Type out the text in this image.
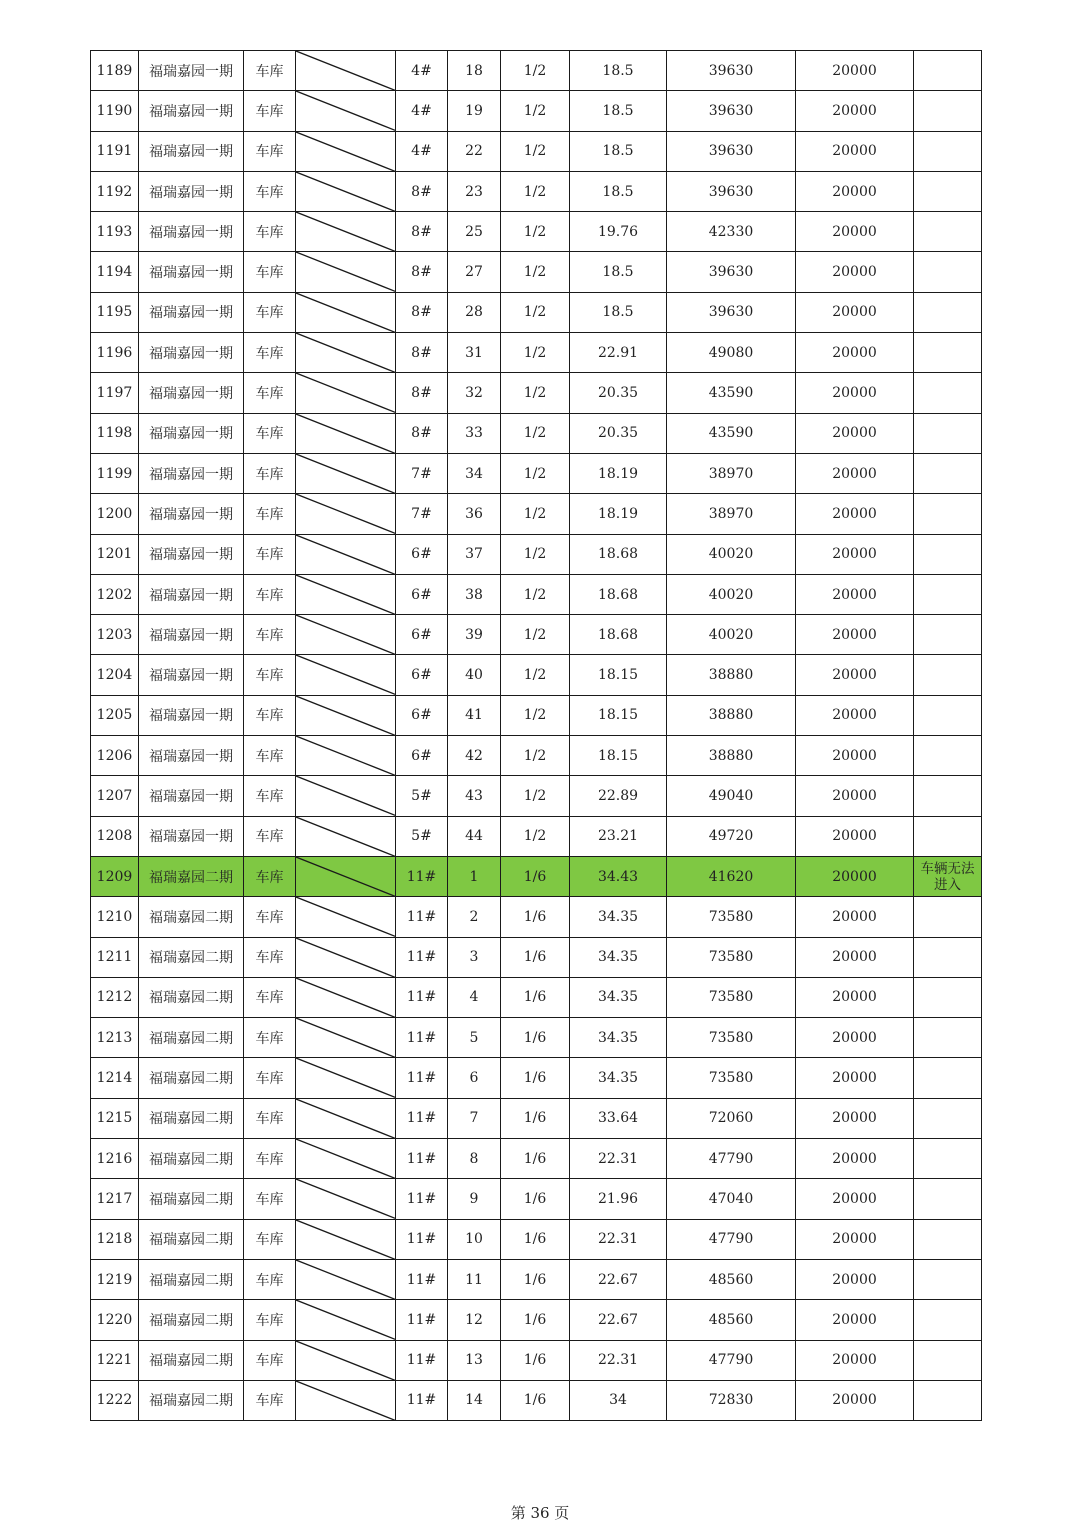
1189	福瑞嘉园一期	车库		4#	18	1/2	18.5	39630	20000	
1190	福瑞嘉园一期	车库		4#	19	1/2	18.5	39630	20000	
1191	福瑞嘉园一期	车库		4#	22	1/2	18.5	39630	20000	
1192	福瑞嘉园一期	车库		8#	23	1/2	18.5	39630	20000	
1193	福瑞嘉园一期	车库		8#	25	1/2	19.76	42330	20000	
1194	福瑞嘉园一期	车库		8#	27	1/2	18.5	39630	20000	
1195	福瑞嘉园一期	车库		8#	28	1/2	18.5	39630	20000	
1196	福瑞嘉园一期	车库		8#	31	1/2	22.91	49080	20000	
1197	福瑞嘉园一期	车库		8#	32	1/2	20.35	43590	20000	
1198	福瑞嘉园一期	车库		8#	33	1/2	20.35	43590	20000	
1199	福瑞嘉园一期	车库		7#	34	1/2	18.19	38970	20000	
1200	福瑞嘉园一期	车库		7#	36	1/2	18.19	38970	20000	
1201	福瑞嘉园一期	车库		6#	37	1/2	18.68	40020	20000	
1202	福瑞嘉园一期	车库		6#	38	1/2	18.68	40020	20000	
1203	福瑞嘉园一期	车库		6#	39	1/2	18.68	40020	20000	
1204	福瑞嘉园一期	车库		6#	40	1/2	18.15	38880	20000	
1205	福瑞嘉园一期	车库		6#	41	1/2	18.15	38880	20000	
1206	福瑞嘉园一期	车库		6#	42	1/2	18.15	38880	20000	
1207	福瑞嘉园一期	车库		5#	43	1/2	22.89	49040	20000	
1208	福瑞嘉园一期	车库		5#	44	1/2	23.21	49720	20000	
1209	福瑞嘉园二期	车库		11#	1	1/6	34.43	41620	20000	车辆无法进入
1210	福瑞嘉园二期	车库		11#	2	1/6	34.35	73580	20000	
1211	福瑞嘉园二期	车库		11#	3	1/6	34.35	73580	20000	
1212	福瑞嘉园二期	车库		11#	4	1/6	34.35	73580	20000	
1213	福瑞嘉园二期	车库		11#	5	1/6	34.35	73580	20000	
1214	福瑞嘉园二期	车库		11#	6	1/6	34.35	73580	20000	
1215	福瑞嘉园二期	车库		11#	7	1/6	33.64	72060	20000	
1216	福瑞嘉园二期	车库		11#	8	1/6	22.31	47790	20000	
1217	福瑞嘉园二期	车库		11#	9	1/6	21.96	47040	20000	
1218	福瑞嘉园二期	车库		11#	10	1/6	22.31	47790	20000	
1219	福瑞嘉园二期	车库		11#	11	1/6	22.67	48560	20000	
1220	福瑞嘉园二期	车库		11#	12	1/6	22.67	48560	20000	
1221	福瑞嘉园二期	车库		11#	13	1/6	22.31	47790	20000	
1222	福瑞嘉园二期	车库		11#	14	1/6	34	72830	20000	
第 36 页
